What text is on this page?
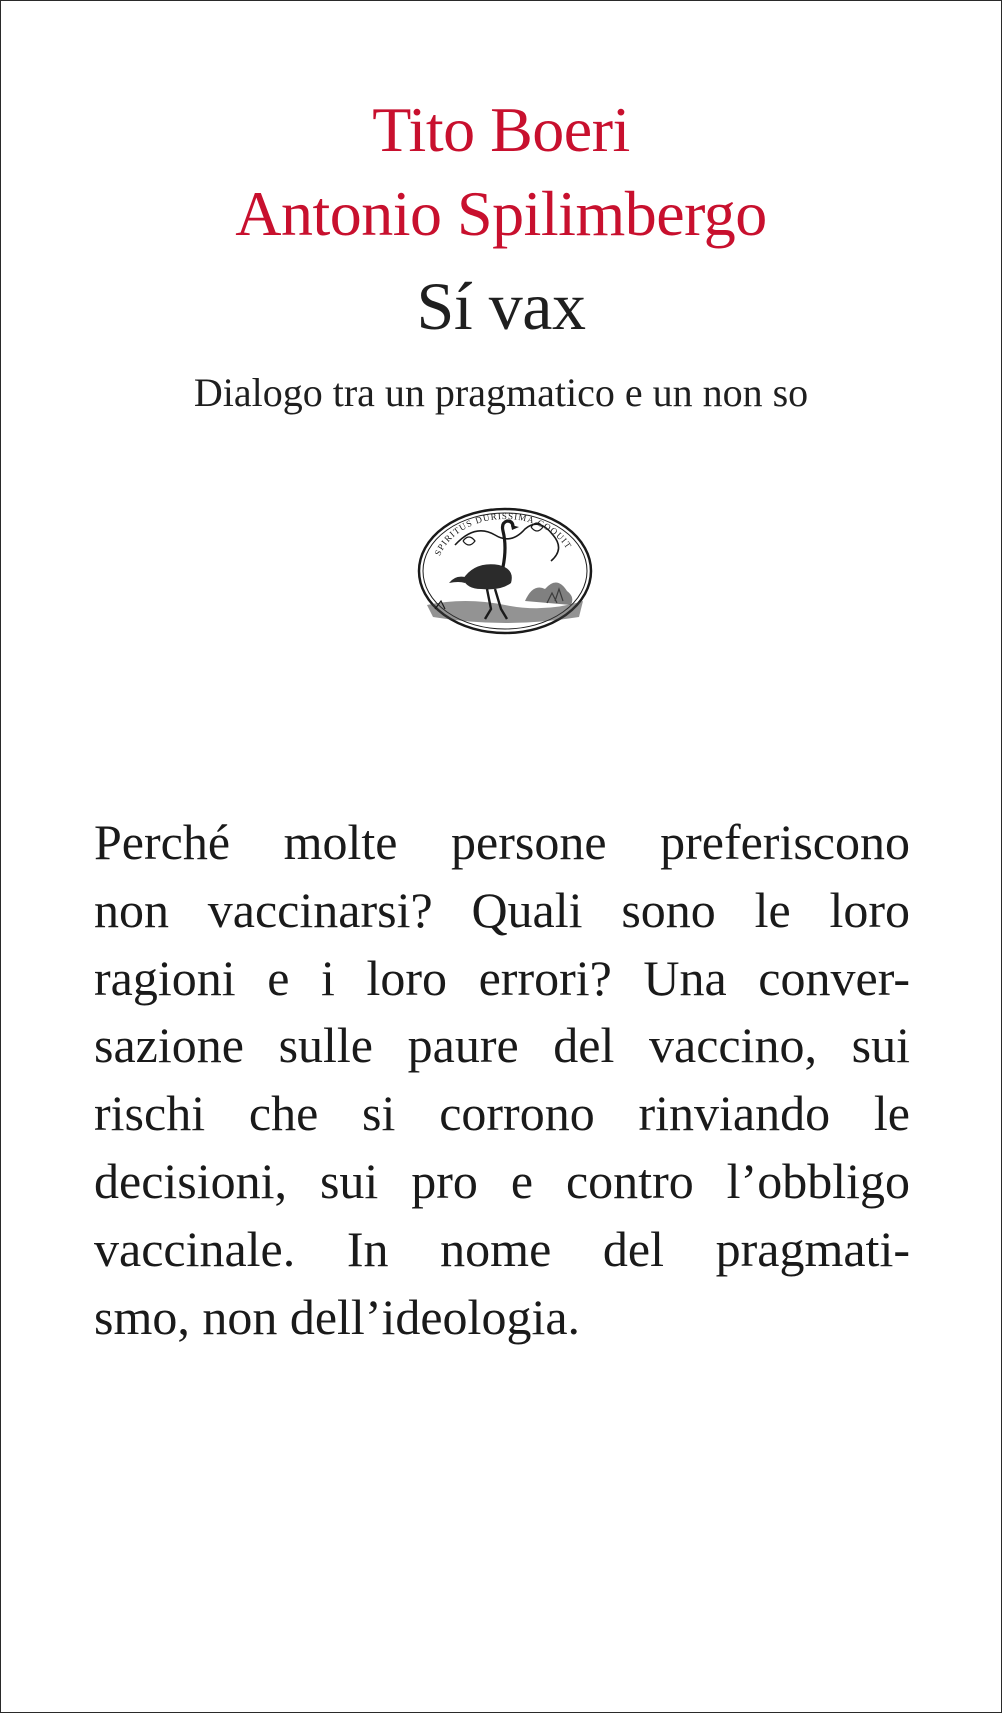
Tito Boeri
Antonio Spilimbergo
Sí vax
Dialogo tra un pragmatico e un non so
SPIRITUS DURISSIMA COQUIT
Perché molte persone preferiscono
non vaccinarsi? Quali sono le loro
ragioni e i loro errori? Una conver-
sazione sulle paure del vaccino, sui
rischi che si corrono rinviando le
decisioni, sui pro e contro l’obbligo
vaccinale. In nome del pragmati-
smo, non dell’ideologia.
